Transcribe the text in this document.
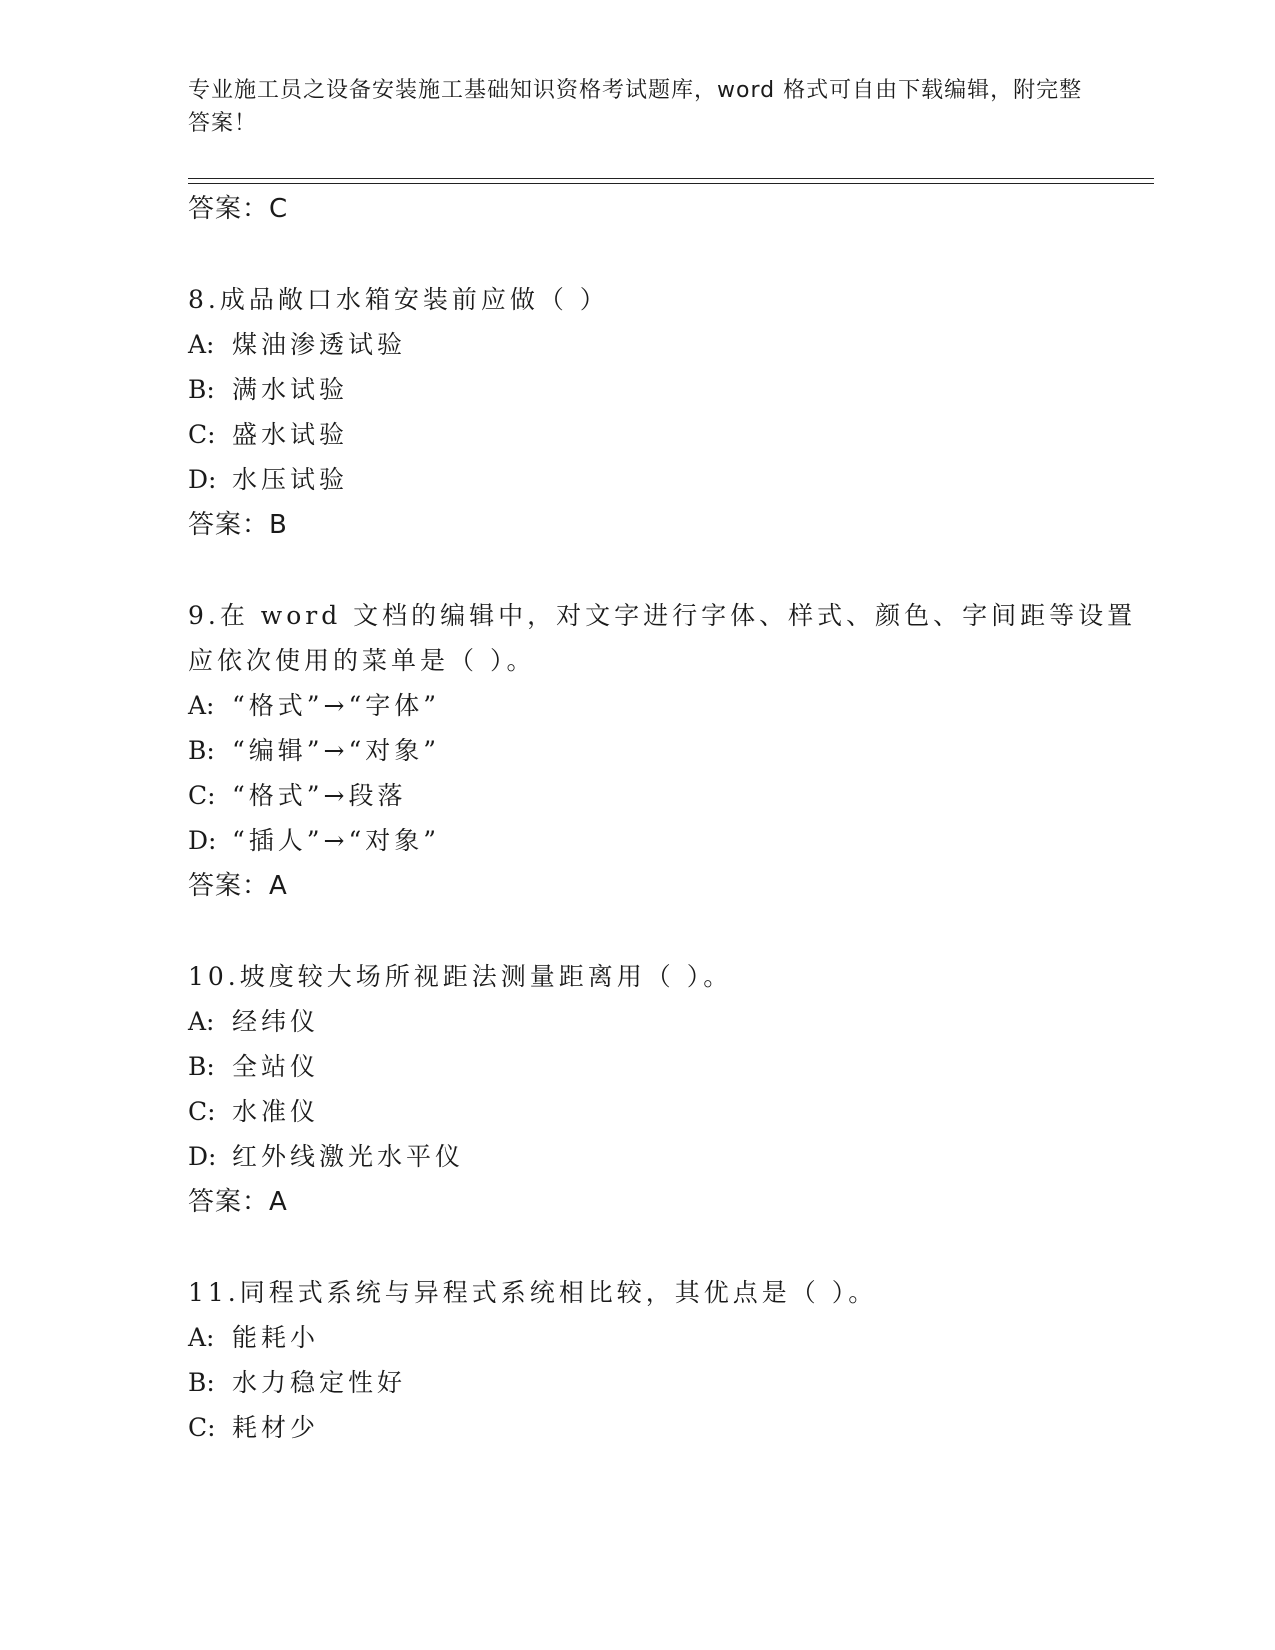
专业施工员之设备安装施工基础知识资格考试题库，word 格式可自由下载编辑，附完整答案！
答案：C
8.成品敞口水箱安装前应做（ ）
A: 煤油渗透试验
B: 满水试验
C: 盛水试验
D: 水压试验
答案：B
9.在 word 文档的编辑中，对文字进行字体、样式、颜色、字间距等设置应依次使用的菜单是（ ）。
A: “格式”→“字体”
B: “编辑”→“对象”
C: “格式”→段落
D: “插人”→“对象”
答案：A
10.坡度较大场所视距法测量距离用（ ）。
A: 经纬仪
B: 全站仪
C: 水准仪
D: 红外线激光水平仪
答案：A
11.同程式系统与异程式系统相比较，其优点是（ ）。
A: 能耗小
B: 水力稳定性好
C: 耗材少
